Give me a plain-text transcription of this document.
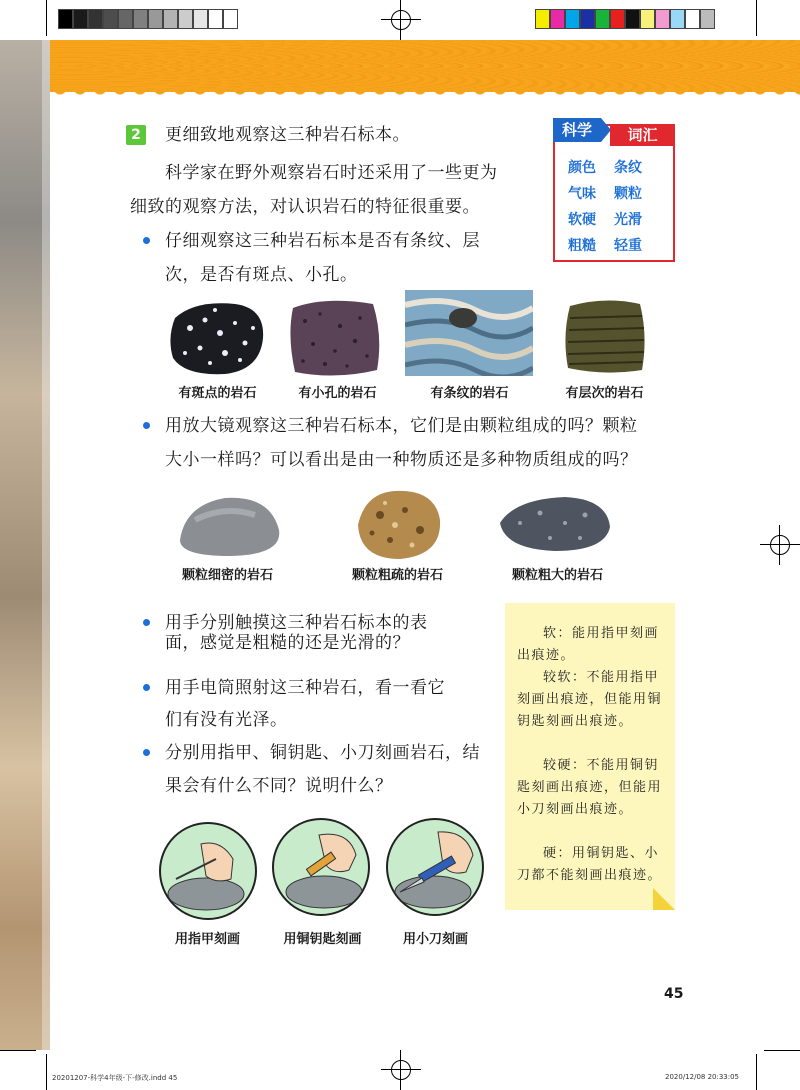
2	更细致地观察这三种岩石标本。
科学家在野外观察岩石时还采用了一些更为
细致的观察方法，对认识岩石的特征很重要。
科学	词汇
颜色	条纹
气味	颗粒
软硬	光滑
粗糙	轻重
仔细观察这三种岩石标本是否有条纹、层
次，是否有斑点、小孔。
有斑点的岩石	有小孔的岩石	有条纹的岩石	有层次的岩石
用放大镜观察这三种岩石标本，它们是由颗粒组成的吗？颗粒
大小一样吗？可以看出是由一种物质还是多种物质组成的吗？
颗粒细密的岩石	颗粒粗疏的岩石	颗粒粗大的岩石
用手分别触摸这三种岩石标本的表
面，感觉是粗糙的还是光滑的？
用手电筒照射这三种岩石，看一看它
们有没有光泽。
分别用指甲、铜钥匙、小刀刻画岩石，结
果会有什么不同？说明什么？

软：能用指甲刻画出痕迹。

较软：不能用指甲刻画出痕迹，但能用铜钥匙刻画出痕迹。

较硬：不能用铜钥匙刻画出痕迹，但能用小刀刻画出痕迹。

硬：用铜钥匙、小刀都不能刻画出痕迹。

用指甲刻画	用铜钥匙刻画	用小刀刻画
45
20201207-科学4年级-下-修改.indd 45	2020/12/08 20:33:05
